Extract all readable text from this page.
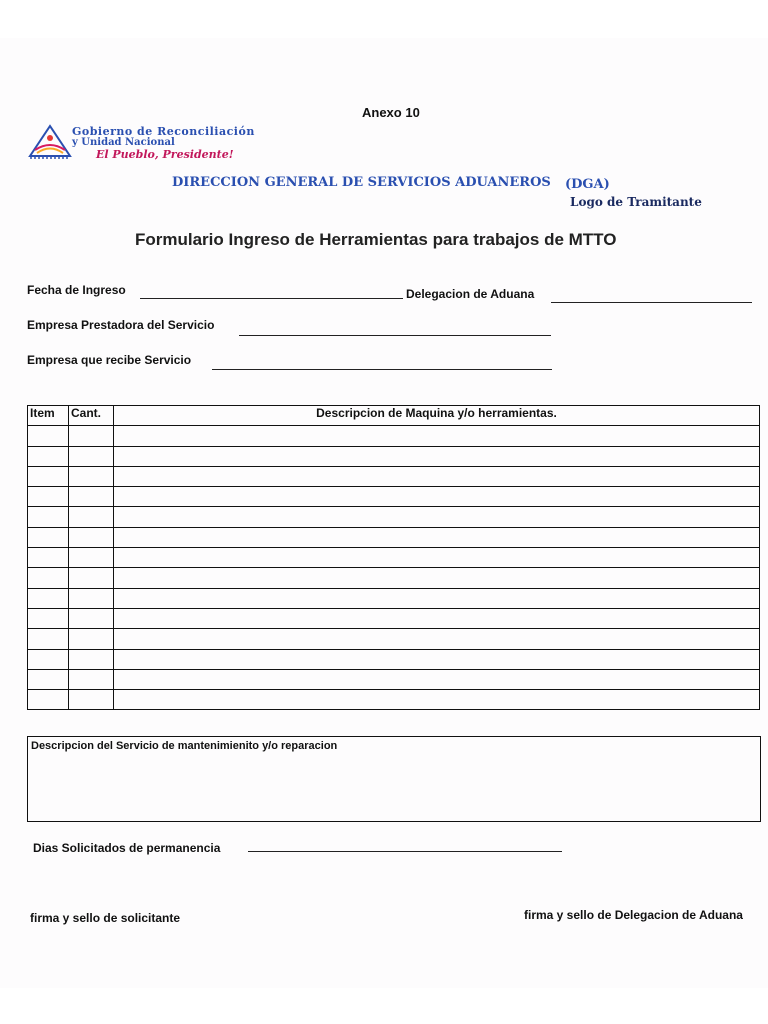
Anexo 10
Gobierno de Reconciliación
y Unidad Nacional
El Pueblo, Presidente!
DIRECCION GENERAL DE SERVICIOS ADUANEROS (DGA)
Logo de Tramitante
Formulario Ingreso de Herramientas para trabajos de MTTO
Fecha de Ingreso	Delegacion de Aduana
Empresa Prestadora del Servicio
Empresa que recibe Servicio
Item	Cant.	Descripcion de Maquina y/o herramientas.

Descripcion del Servicio de mantenimienito y/o reparacion
Dias Solicitados de permanencia
firma y sello de solicitante	firma y sello de Delegacion de Aduana
